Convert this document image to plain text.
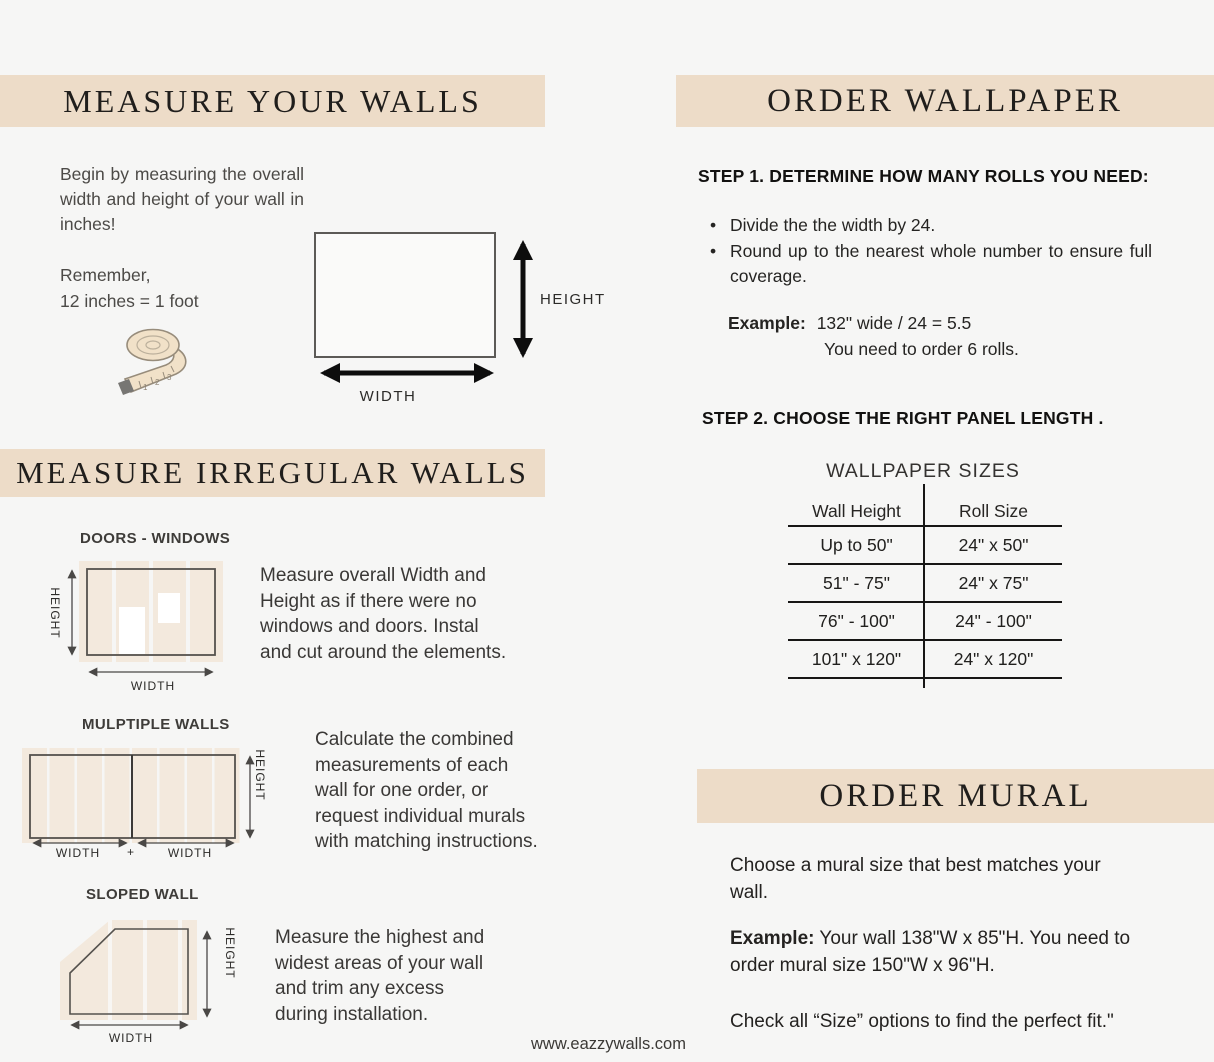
MEASURE YOUR WALLS
Begin by measuring the overall width and height of your wall in inches!
Remember,
12 inches = 1 foot
1
2
3
HEIGHT
WIDTH
MEASURE IRREGULAR WALLS
DOORS - WINDOWS
HEIGHT
WIDTH
Measure overall Width and
Height as if there were no
windows and doors. Instal
and cut around the elements.
MULPTIPLE WALLS
HEIGHT
WIDTH	+	WIDTH
Calculate the combined
measurements of each
wall for one order, or
request individual murals
with matching instructions.
SLOPED WALL
HEIGHT
WIDTH
Measure the highest and
widest areas of your wall
and trim any excess
during installation.
ORDER WALLPAPER
STEP 1. DETERMINE HOW MANY ROLLS YOU NEED:
• Divide the the width by 24.
• Round up to the nearest whole number to ensure full coverage.
Example: 132" wide / 24 = 5.5
You need to order 6 rolls.
STEP 2. CHOOSE THE RIGHT PANEL LENGTH .
WALLPAPER SIZES
Wall Height	Roll Size
Up to 50"	24" x 50"
51" - 75"	24" x 75"
76" - 100"	24" - 100"
101" x 120"	24" x 120"
ORDER MURAL
Choose a mural size that best matches your
wall.
Example: Your wall 138"W x 85"H. You need to
order mural size 150"W x 96"H.
Check all “Size” options to find the perfect fit."
www.eazzywalls.com
